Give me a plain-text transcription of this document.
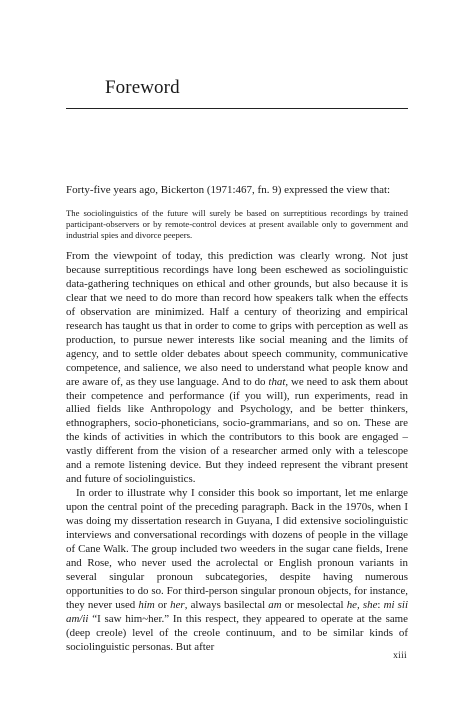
Foreword

Forty-five years ago, Bickerton (1971:467, fn. 9) expressed the view that:

The sociolinguistics of the future will surely be based on surreptitious recordings by trained participant-observers or by remote-control devices at present available only to government and industrial spies and divorce peepers.

From the viewpoint of today, this prediction was clearly wrong. Not just because surreptitious recordings have long been eschewed as sociolinguistic data-gathering techniques on ethical and other grounds, but also because it is clear that we need to do more than record how speakers talk when the effects of observation are minimized. Half a century of theorizing and empirical research has taught us that in order to come to grips with perception as well as production, to pursue newer interests like social meaning and the limits of agency, and to settle older debates about speech community, communicative competence, and salience, we also need to understand what people know and are aware of, as they use language. And to do that, we need to ask them about their competence and performance (if you will), run experiments, read in allied fields like Anthropology and Psychology, and be better thinkers, ethnographers, socio-phoneticians, socio-grammarians, and so on. These are the kinds of activities in which the contributors to this book are engaged – vastly different from the vision of a researcher armed only with a telescope and a remote listening device. But they indeed represent the vibrant present and future of sociolinguistics.

In order to illustrate why I consider this book so important, let me enlarge upon the central point of the preceding paragraph. Back in the 1970s, when I was doing my dissertation research in Guyana, I did extensive sociolinguistic interviews and conversational recordings with dozens of people in the village of Cane Walk. The group included two weeders in the sugar cane fields, Irene and Rose, who never used the acrolectal or English pronoun variants in several singular pronoun subcategories, despite having numerous opportunities to do so. For third-person singular pronoun objects, for instance, they never used him or her, always basilectal am or mesolectal he, she: mi sii am/ii “I saw him~her.” In this respect, they appeared to operate at the same (deep creole) level of the creole continuum, and to be similar kinds of sociolinguistic personas. But after

xiii
